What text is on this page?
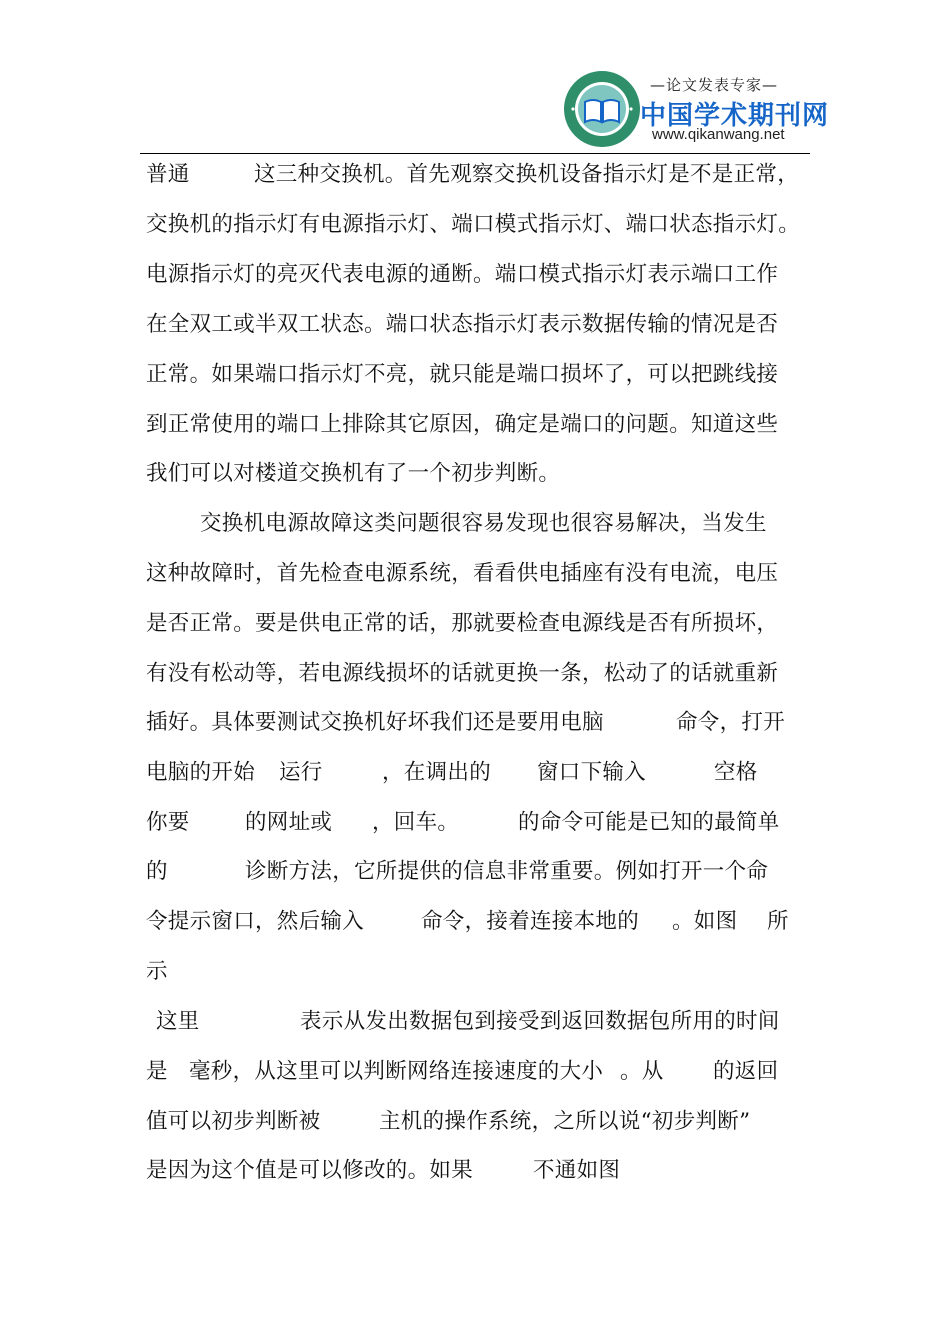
—论文发表专家—
中国学术期刊网
www.qikanwang.net
普通	这三种交换机。首先观察交换机设备指示灯是不是正常，
交换机的指示灯有电源指示灯、端口模式指示灯、端口状态指示灯。
电源指示灯的亮灭代表电源的通断。端口模式指示灯表示端口工作
在全双工或半双工状态。端口状态指示灯表示数据传输的情况是否
正常。如果端口指示灯不亮，就只能是端口损坏了，可以把跳线接
到正常使用的端口上排除其它原因，确定是端口的问题。知道这些
我们可以对楼道交换机有了一个初步判断。
交换机电源故障这类问题很容易发现也很容易解决，当发生
这种故障时，首先检查电源系统，看看供电插座有没有电流，电压
是否正常。要是供电正常的话，那就要检查电源线是否有所损坏，
有没有松动等，若电源线损坏的话就更换一条，松动了的话就重新
插好。具体要测试交换机好坏我们还是要用电脑	命令，打开
电脑的开始 运行	，在调出的 窗口下输入	空格
你要	的网址或 ，回车。	的命令可能是已知的最简单
的	诊断方法，它所提供的信息非常重要。例如打开一个命
令提示窗口，然后输入	命令，接着连接本地的 。如图 所
示
这里	表示从发出数据包到接受到返回数据包所用的时间
是 毫秒，从这里可以判断网络连接速度的大小 。从 的返回
值可以初步判断被	主机的操作系统，之所以说“初步判断”
是因为这个值是可以修改的。如果	不通如图
